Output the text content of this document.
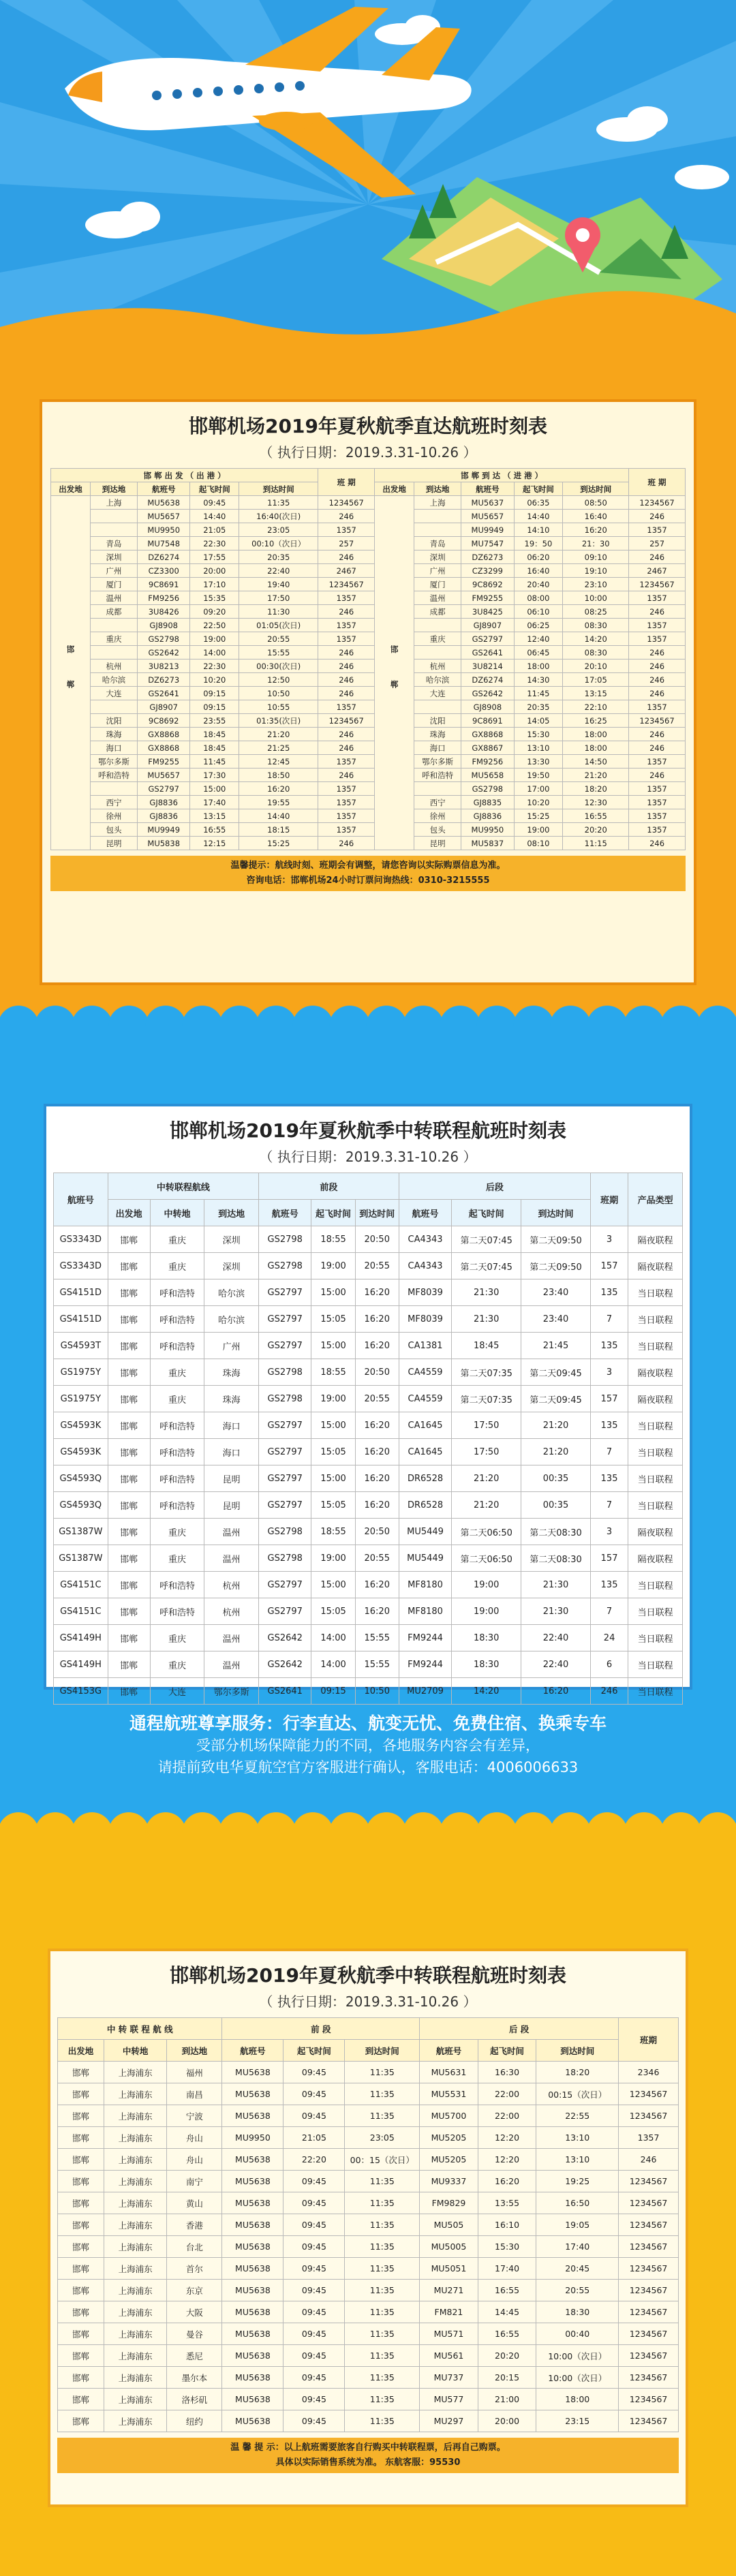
邯郸机场2019年夏秋航季直达航班时刻表
（ 执行日期：2019.3.31-10.26 ）
邯 郸 出 发 （ 出 港 ）					班 期	邯 郸 到 达 （ 进 港 ）					班 期
出发地	到达地	航班号	起飞时间	到达时间		出发地	到达地	航班号	起飞时间	到达时间	
邯 郸	上海	MU5638	09:45	11:35	1234567	邯 郸	上海	MU5637	06:35	08:50	1234567
		MU5657	14:40	16:40(次日)	246			MU5657	14:40	16:40	246
		MU9950	21:05	23:05	1357			MU9949	14:10	16:20	1357
	青岛	MU7548	22:30	00:10（次日）	257		青岛	MU7547	19：50	21：30	257
	深圳	DZ6274	17:55	20:35	246		深圳	DZ6273	06:20	09:10	246
	广州	CZ3300	20:00	22:40	2467		广州	CZ3299	16:40	19:10	2467
	厦门	9C8691	17:10	19:40	1234567		厦门	9C8692	20:40	23:10	1234567
	温州	FM9256	15:35	17:50	1357		温州	FM9255	08:00	10:00	1357
	成都	3U8426	09:20	11:30	246		成都	3U8425	06:10	08:25	246
		GJ8908	22:50	01:05(次日)	1357			GJ8907	06:25	08:30	1357
	重庆	GS2798	19:00	20:55	1357		重庆	GS2797	12:40	14:20	1357
		GS2642	14:00	15:55	246			GS2641	06:45	08:30	246
	杭州	3U8213	22:30	00:30(次日)	246		杭州	3U8214	18:00	20:10	246
	哈尔滨	DZ6273	10:20	12:50	246		哈尔滨	DZ6274	14:30	17:05	246
	大连	GS2641	09:15	10:50	246		大连	GS2642	11:45	13:15	246
		GJ8907	09:15	10:55	1357			GJ8908	20:35	22:10	1357
	沈阳	9C8692	23:55	01:35(次日)	1234567		沈阳	9C8691	14:05	16:25	1234567
	珠海	GX8868	18:45	21:20	246		珠海	GX8868	15:30	18:00	246
	海口	GX8868	18:45	21:25	246		海口	GX8867	13:10	18:00	246
	鄂尔多斯	FM9255	11:45	12:45	1357		鄂尔多斯	FM9256	13:30	14:50	1357
	呼和浩特	MU5657	17:30	18:50	246		呼和浩特	MU5658	19:50	21:20	246
		GS2797	15:00	16:20	1357			GS2798	17:00	18:20	1357
	西宁	GJ8836	17:40	19:55	1357		西宁	GJ8835	10:20	12:30	1357
	徐州	GJ8836	13:15	14:40	1357		徐州	GJ8836	15:25	16:55	1357
	包头	MU9949	16:55	18:15	1357		包头	MU9950	19:00	20:20	1357
	昆明	MU5838	12:15	15:25	246		昆明	MU5837	08:10	11:15	246
温馨提示：航线时刻、班期会有调整，请您咨询以实际购票信息为准。
咨询电话：邯郸机场24小时订票问询热线：0310-3215555
邯郸机场2019年夏秋航季中转联程航班时刻表
（ 执行日期：2019.3.31-10.26 ）
航班号	中转联程航线			前段			后段			班期	产品类型
	出发地	中转地	到达地	航班号	起飞时间	到达时间	航班号	起飞时间	到达时间		
GS3343D	邯郸	重庆	深圳	GS2798	18:55	20:50	CA4343	第二天07:45	第二天09:50	3	隔夜联程
GS3343D	邯郸	重庆	深圳	GS2798	19:00	20:55	CA4343	第二天07:45	第二天09:50	157	隔夜联程
GS4151D	邯郸	呼和浩特	哈尔滨	GS2797	15:00	16:20	MF8039	21:30	23:40	135	当日联程
GS4151D	邯郸	呼和浩特	哈尔滨	GS2797	15:05	16:20	MF8039	21:30	23:40	7	当日联程
GS4593T	邯郸	呼和浩特	广州	GS2797	15:00	16:20	CA1381	18:45	21:45	135	当日联程
GS1975Y	邯郸	重庆	珠海	GS2798	18:55	20:50	CA4559	第二天07:35	第二天09:45	3	隔夜联程
GS1975Y	邯郸	重庆	珠海	GS2798	19:00	20:55	CA4559	第二天07:35	第二天09:45	157	隔夜联程
GS4593K	邯郸	呼和浩特	海口	GS2797	15:00	16:20	CA1645	17:50	21:20	135	当日联程
GS4593K	邯郸	呼和浩特	海口	GS2797	15:05	16:20	CA1645	17:50	21:20	7	当日联程
GS4593Q	邯郸	呼和浩特	昆明	GS2797	15:00	16:20	DR6528	21:20	00:35	135	当日联程
GS4593Q	邯郸	呼和浩特	昆明	GS2797	15:05	16:20	DR6528	21:20	00:35	7	当日联程
GS1387W	邯郸	重庆	温州	GS2798	18:55	20:50	MU5449	第二天06:50	第二天08:30	3	隔夜联程
GS1387W	邯郸	重庆	温州	GS2798	19:00	20:55	MU5449	第二天06:50	第二天08:30	157	隔夜联程
GS4151C	邯郸	呼和浩特	杭州	GS2797	15:00	16:20	MF8180	19:00	21:30	135	当日联程
GS4151C	邯郸	呼和浩特	杭州	GS2797	15:05	16:20	MF8180	19:00	21:30	7	当日联程
GS4149H	邯郸	重庆	温州	GS2642	14:00	15:55	FM9244	18:30	22:40	24	当日联程
GS4149H	邯郸	重庆	温州	GS2642	14:00	15:55	FM9244	18:30	22:40	6	当日联程
GS4153G	邯郸	大连	鄂尔多斯	GS2641	09:15	10:50	MU2709	14:20	16:20	246	当日联程
通程航班尊享服务：行李直达、航变无忧、免费住宿、换乘专车
受部分机场保障能力的不同，各地服务内容会有差异，
请提前致电华夏航空官方客服进行确认，客服电话：4006006633
邯郸机场2019年夏秋航季中转联程航班时刻表
（ 执行日期：2019.3.31-10.26 ）
中 转 联 程 航 线			前 段			后 段			班期
出发地	中转地	到达地	航班号	起飞时间	到达时间	航班号	起飞时间	到达时间	
邯郸	上海浦东	福州	MU5638	09:45	11:35	MU5631	16:30	18:20	2346
邯郸	上海浦东	南昌	MU5638	09:45	11:35	MU5531	22:00	00:15（次日）	1234567
邯郸	上海浦东	宁波	MU5638	09:45	11:35	MU5700	22:00	22:55	1234567
邯郸	上海浦东	舟山	MU9950	21:05	23:05	MU5205	12:20	13:10	1357
邯郸	上海浦东	舟山	MU5638	22:20	00：15（次日）	MU5205	12:20	13:10	246
邯郸	上海浦东	南宁	MU5638	09:45	11:35	MU9337	16:20	19:25	1234567
邯郸	上海浦东	黄山	MU5638	09:45	11:35	FM9829	13:55	16:50	1234567
邯郸	上海浦东	香港	MU5638	09:45	11:35	MU505	16:10	19:05	1234567
邯郸	上海浦东	台北	MU5638	09:45	11:35	MU5005	15:30	17:40	1234567
邯郸	上海浦东	首尔	MU5638	09:45	11:35	MU5051	17:40	20:45	1234567
邯郸	上海浦东	东京	MU5638	09:45	11:35	MU271	16:55	20:55	1234567
邯郸	上海浦东	大阪	MU5638	09:45	11:35	FM821	14:45	18:30	1234567
邯郸	上海浦东	曼谷	MU5638	09:45	11:35	MU571	16:55	00:40	1234567
邯郸	上海浦东	悉尼	MU5638	09:45	11:35	MU561	20:20	10:00（次日）	1234567
邯郸	上海浦东	墨尔本	MU5638	09:45	11:35	MU737	20:15	10:00（次日）	1234567
邯郸	上海浦东	洛杉矶	MU5638	09:45	11:35	MU577	21:00	18:00	1234567
邯郸	上海浦东	纽约	MU5638	09:45	11:35	MU297	20:00	23:15	1234567
温 馨 提 示：以上航班需要旅客自行购买中转联程票，后再自己购票。
具体以实际销售系统为准。 东航客服：95530
